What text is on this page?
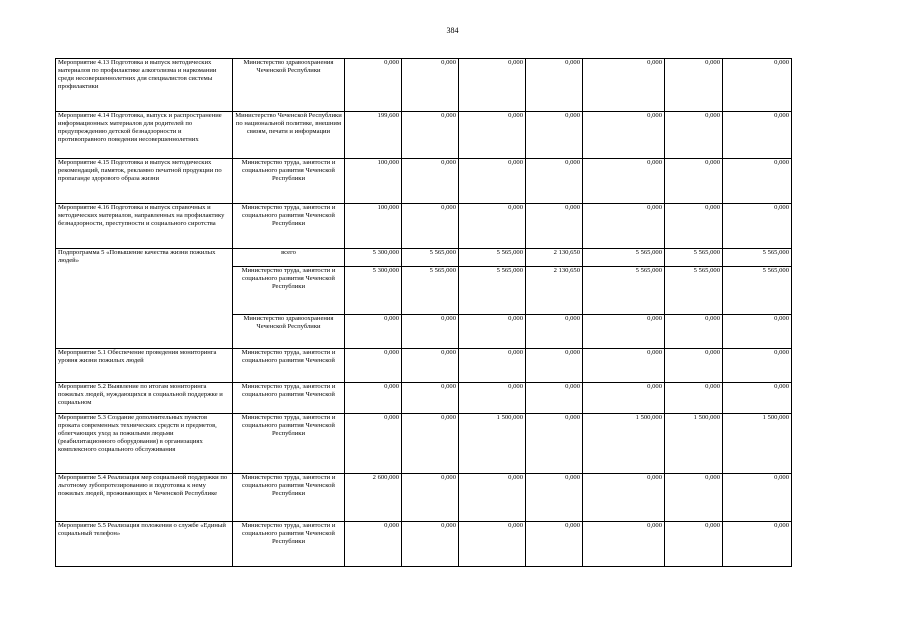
384
Мероприятие 4.13 Подготовка и выпуск методических материалов по профилактике алкоголизма и наркомании среди несовершеннолетних для специалистов системы профилактики	Министерство здравоохранения Чеченской Республики	0,000	0,000	0,000	0,000	0,000	0,000	0,000

Мероприятие 4.14 Подготовка, выпуск и распространение информационных материалов для родителей по предупреждению детской безнадзорности и противоправного поведения несовершеннолетних	Министерство Чеченской Республики по национальной политике, внешним связям, печати и информации	199,600	0,000	0,000	0,000	0,000	0,000	0,000

Мероприятие 4.15 Подготовка и выпуск методических рекомендаций, памяток, рекламно печатной продукции по пропаганде здорового образа жизни	Министерство труда, занятости и социального развития Чеченской Республики	100,000	0,000	0,000	0,000	0,000	0,000	0,000

Мероприятие 4.16 Подготовка и выпуск справочных и методических материалов, направленных на профилактику безнадзорности, преступности и социального сиротства	Министерство труда, занятости и социального развития Чеченской Республики	100,000	0,000	0,000	0,000	0,000	0,000	0,000

Подпрограмма 5 «Повышение качества жизни пожилых людей»	всего	5 300,000	5 565,000	5 565,000	2 130,650	5 565,000	5 565,000	5 565,000

	Министерство труда, занятости и социального развития Чеченской Республики	5 300,000	5 565,000	5 565,000	2 130,650	5 565,000	5 565,000	5 565,000

	Министерство здравоохранения Чеченской Республики	0,000	0,000	0,000	0,000	0,000	0,000	0,000

Мероприятие 5.1 Обеспечение проведения мониторинга уровня жизни пожилых людей	Министерство труда, занятости и социального развития Чеченской	0,000	0,000	0,000	0,000	0,000	0,000	0,000

Мероприятие 5.2 Выявление по итогам мониторинга пожилых людей, нуждающихся в социальной поддержке и социальном	Министерство труда, занятости и социального развития Чеченской	0,000	0,000	0,000	0,000	0,000	0,000	0,000

Мероприятие 5.3 Создание дополнительных пунктов проката современных технических средств и предметов, облегчающих уход за пожилыми людьми (реабилитационного оборудования) в организациях комплексного социального обслуживания	Министерство труда, занятости и социального развития Чеченской Республики	0,000	0,000	1 500,000	0,000	1 500,000	1 500,000	1 500,000

Мероприятие 5.4 Реализация мер социальной поддержки по льготному зубопротезированию и подготовка к нему пожилых людей, проживающих в Чеченской Республике	Министерство труда, занятости и социального развития Чеченской Республики	2 600,000	0,000	0,000	0,000	0,000	0,000	0,000

Мероприятие 5.5 Реализация положения о службе «Единый социальный телефон»	Министерство труда, занятости и социального развития Чеченской Республики	0,000	0,000	0,000	0,000	0,000	0,000	0,000
